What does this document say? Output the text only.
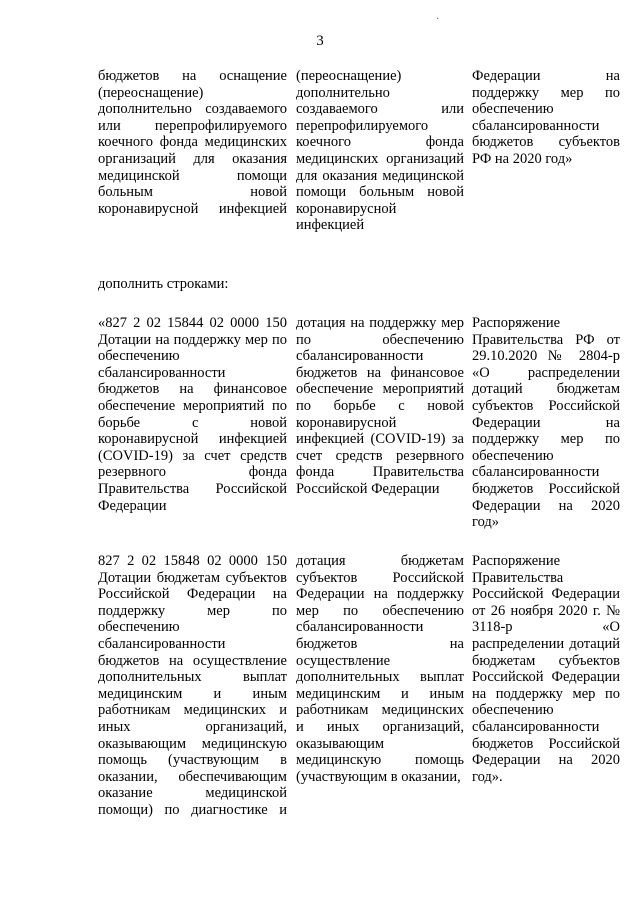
·
3
бюджетов на оснащение (переоснащение) дополнительно создаваемого или перепрофилируемого коечного фонда медицинских организаций для оказания медицинской помощи больным новой коронавирусной инфекцией
(переоснащение) дополнительно создаваемого или перепрофилируемого коечного фонда медицинских организаций для оказания медицинской помощи больным новой коронавирусной инфекцией
Федерации на поддержку мер по обеспечению сбалансированности бюджетов субъектов РФ на 2020 год»
дополнить строками:
«827 2 02 15844 02 0000 150 Дотации на поддержку мер по обеспечению сбалансированности бюджетов на финансовое обеспечение мероприятий по борьбе с новой коронавирусной инфекцией (COVID-19) за счет средств резервного фонда Правительства Российской Федерации
дотация на поддержку мер по обеспечению сбалансированности бюджетов на финансовое обеспечение мероприятий по борьбе с новой коронавирусной инфекцией (COVID-19) за счет средств резервного фонда Правительства Российской Федерации
Распоряжение Правительства РФ от 29.10.2020 № 2804-р «О распределении дотаций бюджетам субъектов Российской Федерации на поддержку мер по обеспечению сбалансированности бюджетов Российской Федерации на 2020 год»
827 2 02 15848 02 0000 150 Дотации бюджетам субъектов Российской Федерации на поддержку мер по обеспечению сбалансированности бюджетов на осуществление дополнительных выплат медицинским и иным работникам медицинских и иных организаций, оказывающим медицинскую помощь (участвующим в оказании, обеспечивающим оказание медицинской помощи) по диагностике и
дотация бюджетам субъектов Российской Федерации на поддержку мер по обеспечению сбалансированности бюджетов на осуществление дополнительных выплат медицинским и иным работникам медицинских и иных организаций, оказывающим медицинскую помощь (участвующим в оказании,
Распоряжение Правительства Российской Федерации от 26 ноября 2020 г. № 3118-р «О распределении дотаций бюджетам субъектов Российской Федерации на поддержку мер по обеспечению сбалансированности бюджетов Российской Федерации на 2020 год».
